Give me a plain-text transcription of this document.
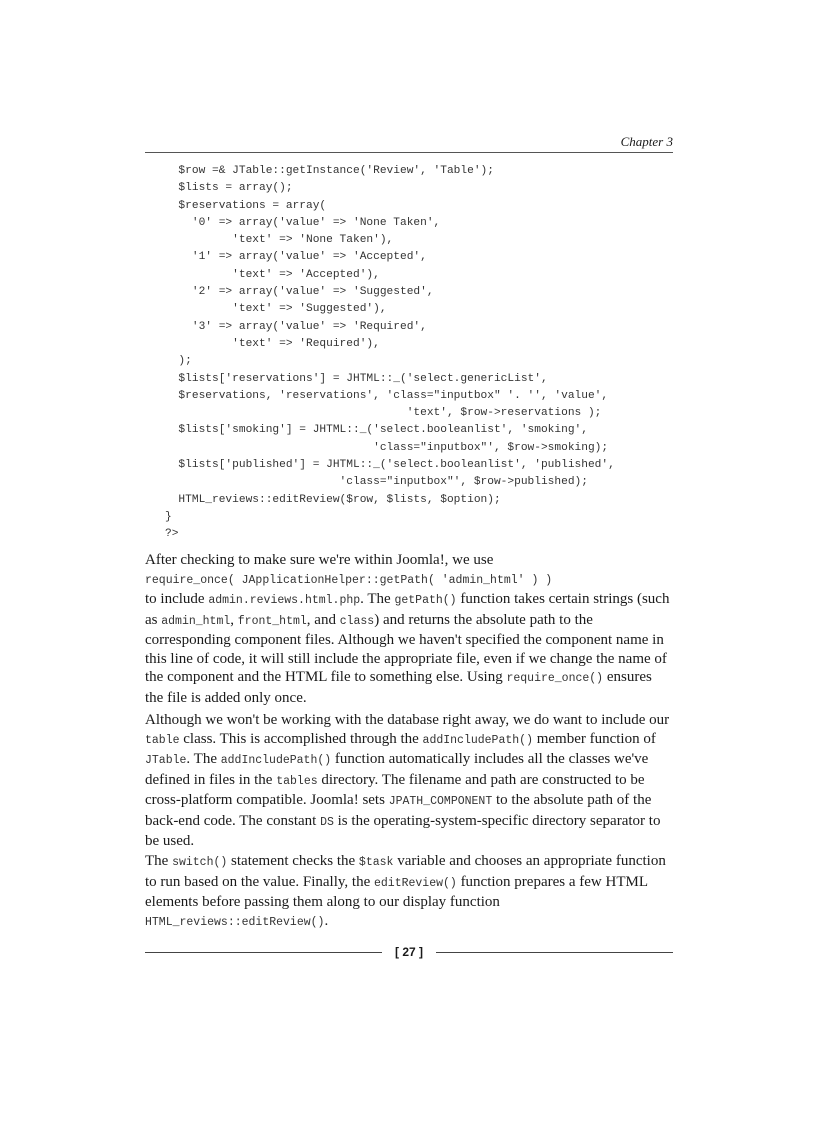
Chapter 3
$row =& JTable::getInstance('Review', 'Table');
$lists = array();
$reservations = array(
'0' => array('value' => 'None Taken',
'text' => 'None Taken'),
'1' => array('value' => 'Accepted',
'text' => 'Accepted'),
'2' => array('value' => 'Suggested',
'text' => 'Suggested'),
'3' => array('value' => 'Required',
'text' => 'Required'),
);
$lists['reservations'] = JHTML::_('select.genericList',
$reservations, 'reservations', 'class="inputbox" '. '', 'value',
'text', $row->reservations );
$lists['smoking'] = JHTML::_('select.booleanlist', 'smoking',
'class="inputbox"', $row->smoking);
$lists['published'] = JHTML::_('select.booleanlist', 'published',
'class="inputbox"', $row->published);
HTML_reviews::editReview($row, $lists, $option);
}
?>

After checking to make sure we're within Joomla!, we use
require_once( JApplicationHelper::getPath( 'admin_html' ) )
to include admin.reviews.html.php. The getPath() function takes certain strings (such as admin_html, front_html, and class) and returns the absolute path to the corresponding component files. Although we haven't specified the component name in this line of code, it will still include the appropriate file, even if we change the name of the component and the HTML file to something else. Using require_once() ensures the file is added only once.

Although we won't be working with the database right away, we do want to include our table class. This is accomplished through the addIncludePath() member function of JTable. The addIncludePath() function automatically includes all the classes we've defined in files in the tables directory. The filename and path are constructed to be cross-platform compatible. Joomla! sets JPATH_COMPONENT to the absolute path of the back-end code. The constant DS is the operating-system-specific directory separator to be used.

The switch() statement checks the $task variable and chooses an appropriate function to run based on the value. Finally, the editReview() function prepares a few HTML elements before passing them along to our display function
HTML_reviews::editReview().

[ 27 ]
